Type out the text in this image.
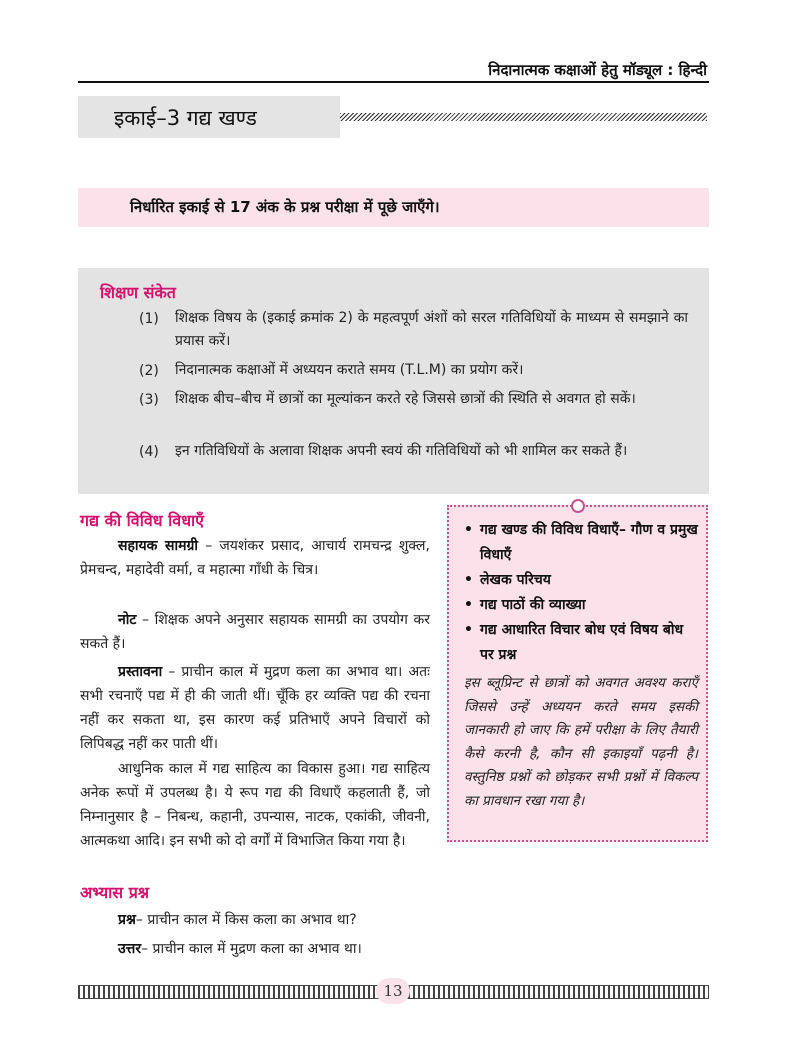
निदानात्मक कक्षाओं हेतु मॉड्यूल : हिन्दी
इकाई–3 गद्य खण्ड
निर्धारित इकाई से 17 अंक के प्रश्न परीक्षा में पूछे जाएँगे।
शिक्षण संकेत
(1) शिक्षक विषय के (इकाई क्रमांक 2) के महत्वपूर्ण अंशों को सरल गतिविधियों के माध्यम से समझाने का प्रयास करें।
(2) निदानात्मक कक्षाओं में अध्ययन कराते समय (T.L.M) का प्रयोग करें।
(3) शिक्षक बीच–बीच में छात्रों का मूल्यांकन करते रहे जिससे छात्रों की स्थिति से अवगत हो सकें।
(4) इन गतिविधियों के अलावा शिक्षक अपनी स्वयं की गतिविधियों को भी शामिल कर सकते हैं।
गद्य की विविध विधाएँ
सहायक सामग्री – जयशंकर प्रसाद, आचार्य रामचन्द्र शुक्ल, प्रेमचन्द, महादेवी वर्मा, व महात्मा गाँधी के चित्र।
नोट – शिक्षक अपने अनुसार सहायक सामग्री का उपयोग कर सकते हैं।
प्रस्तावना – प्राचीन काल में मुद्रण कला का अभाव था। अतः सभी रचनाएँ पद्य में ही की जाती थीं। चूँकि हर व्यक्ति पद्य की रचना नहीं कर सकता था, इस कारण कई प्रतिभाएँ अपने विचारों को लिपिबद्ध नहीं कर पाती थीं।
आधुनिक काल में गद्य साहित्य का विकास हुआ। गद्य साहित्य अनेक रूपों में उपलब्ध है। ये रूप गद्य की विधाएँ कहलाती हैं, जो निम्नानुसार है – निबन्ध, कहानी, उपन्यास, नाटक, एकांकी, जीवनी, आत्मकथा आदि। इन सभी को दो वर्गों में विभाजित किया गया है।
अभ्यास प्रश्न
प्रश्न– प्राचीन काल में किस कला का अभाव था?
उत्तर– प्राचीन काल में मुद्रण कला का अभाव था।
• गद्य खण्ड की विविध विधाएँ– गौण व प्रमुख विधाएँ
• लेखक परिचय
• गद्य पाठों की व्याख्या
• गद्य आधारित विचार बोध एवं विषय बोध पर प्रश्न
इस ब्लूप्रिन्ट से छात्रों को अवगत अवश्य कराएँ जिससे उन्हें अध्ययन करते समय इसकी जानकारी हो जाए कि हमें परीक्षा के लिए तैयारी कैसे करनी है, कौन सी इकाइयाँ पढ़नी है। वस्तुनिष्ठ प्रश्नों को छोड़कर सभी प्रश्नों में विकल्प का प्रावधान रखा गया है।
13
